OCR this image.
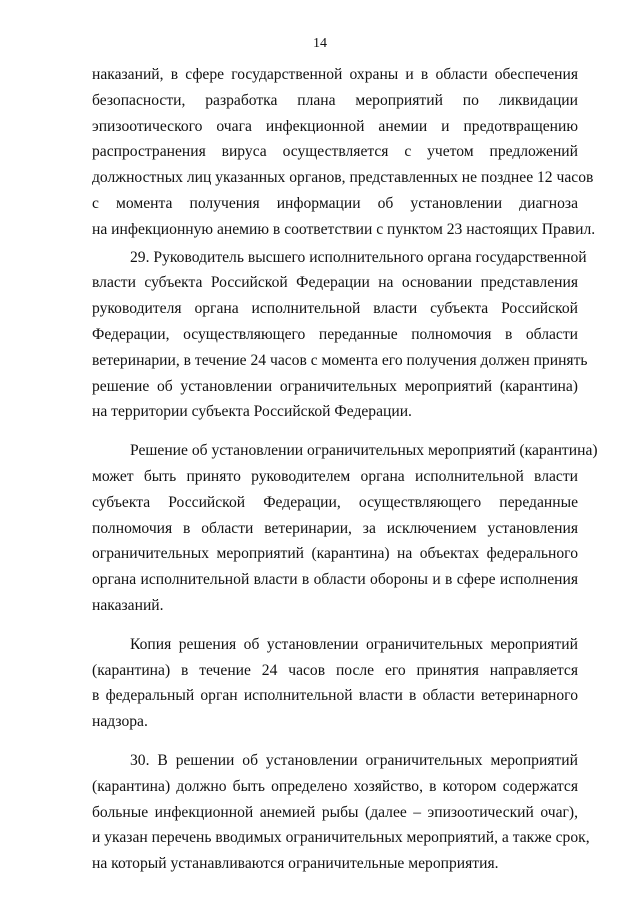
14
наказаний, в сфере государственной охраны и в области обеспечения
безопасности, разработка плана мероприятий по ликвидации
эпизоотического очага инфекционной анемии и предотвращению
распространения вируса осуществляется с учетом предложений
должностных лиц указанных органов, представленных не позднее 12 часов
с момента получения информации об установлении диагноза
на инфекционную анемию в соответствии с пунктом 23 настоящих Правил.
29. Руководитель высшего исполнительного органа государственной
власти субъекта Российской Федерации на основании представления
руководителя органа исполнительной власти субъекта Российской
Федерации, осуществляющего переданные полномочия в области
ветеринарии, в течение 24 часов с момента его получения должен принять
решение об установлении ограничительных мероприятий (карантина)
на территории субъекта Российской Федерации.
Решение об установлении ограничительных мероприятий (карантина)
может быть принято руководителем органа исполнительной власти
субъекта Российской Федерации, осуществляющего переданные
полномочия в области ветеринарии, за исключением установления
ограничительных мероприятий (карантина) на объектах федерального
органа исполнительной власти в области обороны и в сфере исполнения
наказаний.
Копия решения об установлении ограничительных мероприятий
(карантина) в течение 24 часов после его принятия направляется
в федеральный орган исполнительной власти в области ветеринарного
надзора.
30. В решении об установлении ограничительных мероприятий
(карантина) должно быть определено хозяйство, в котором содержатся
больные инфекционной анемией рыбы (далее – эпизоотический очаг),
и указан перечень вводимых ограничительных мероприятий, а также срок,
на который устанавливаются ограничительные мероприятия.
